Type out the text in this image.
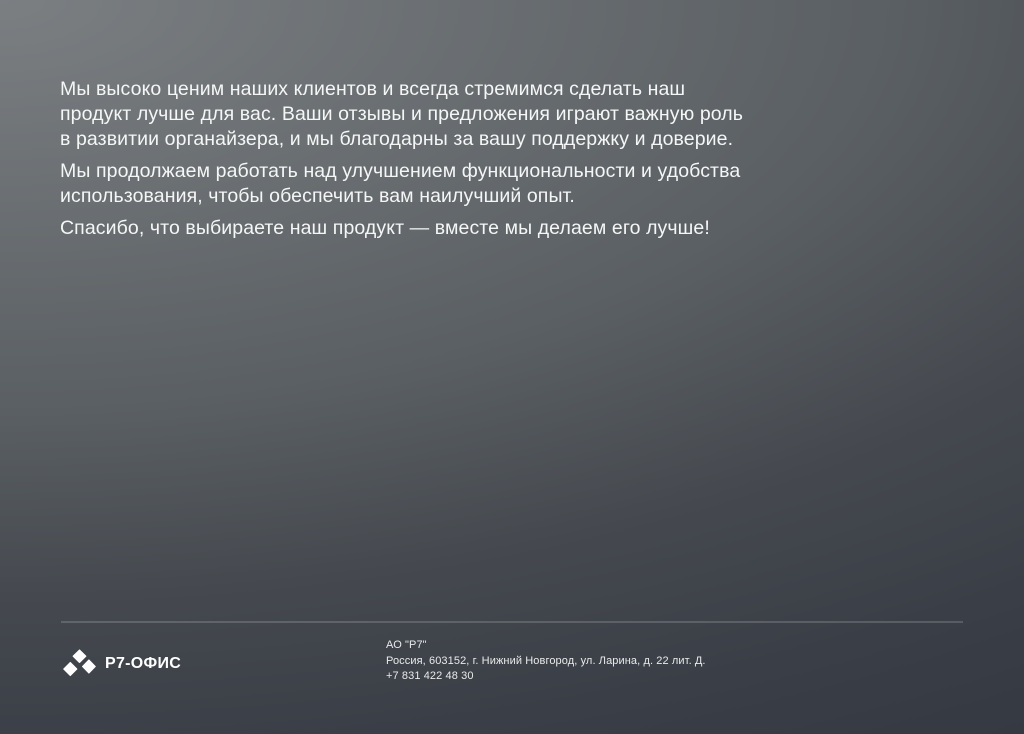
Мы высоко ценим наших клиентов и всегда стремимся сделать наш
продукт лучше для вас. Ваши отзывы и предложения играют важную роль
в развитии органайзера, и мы благодарны за вашу поддержку и доверие.
Мы продолжаем работать над улучшением функциональности и удобства
использования, чтобы обеспечить вам наилучший опыт.
Спасибо, что выбираете наш продукт — вместе мы делаем его лучше!
Р7-ОФИС
АО "Р7"
Россия, 603152, г. Нижний Новгород, ул. Ларина, д. 22 лит. Д.
+7 831 422 48 30
